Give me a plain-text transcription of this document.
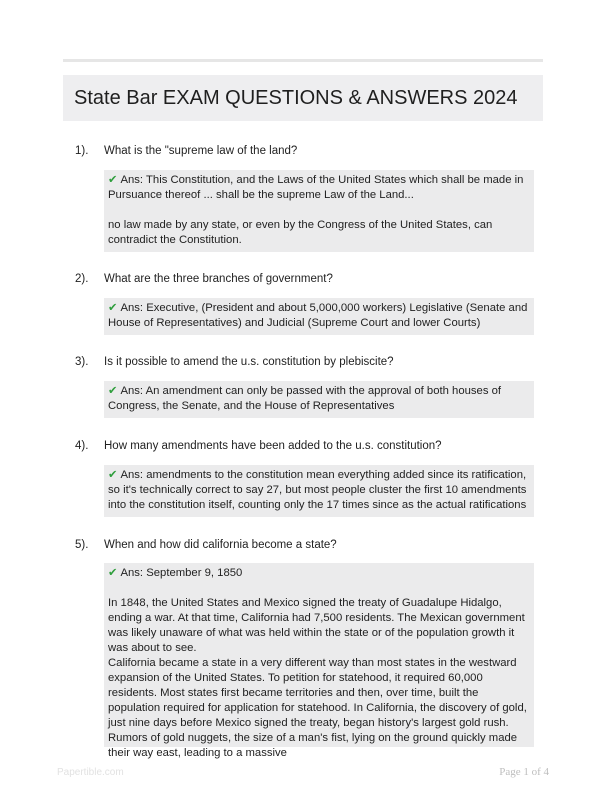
State Bar EXAM QUESTIONS & ANSWERS 2024
1). What is the "supreme law of the land?

✔ Ans: This Constitution, and the Laws of the United States which shall be made in Pursuance thereof ... shall be the supreme Law of the Land...

no law made by any state, or even by the Congress of the United States, can contradict the Constitution.

2). What are the three branches of government?

✔ Ans: Executive, (President and about 5,000,000 workers) Legislative (Senate and House of Representatives) and Judicial (Supreme Court and lower Courts)

3). Is it possible to amend the u.s. constitution by plebiscite?

✔ Ans: An amendment can only be passed with the approval of both houses of Congress, the Senate, and the House of Representatives

4). How many amendments have been added to the u.s. constitution?

✔ Ans: amendments to the constitution mean everything added since its ratification, so it's technically correct to say 27, but most people cluster the first 10 amendments into the constitution itself, counting only the 17 times since as the actual ratifications

5). When and how did california become a state?

✔ Ans: September 9, 1850

In 1848, the United States and Mexico signed the treaty of Guadalupe Hidalgo, ending a war. At that time, California had 7,500 residents. The Mexican government was likely unaware of what was held within the state or of the population growth it was about to see.

California became a state in a very different way than most states in the westward expansion of the United States. To petition for statehood, it required 60,000 residents. Most states first became territories and then, over time, built the population required for application for statehood. In California, the discovery of gold, just nine days before Mexico signed the treaty, began history's largest gold rush. Rumors of gold nuggets, the size of a man's fist, lying on the ground quickly made their way east, leading to a massive

Papertible.com	Page 1 of 4
